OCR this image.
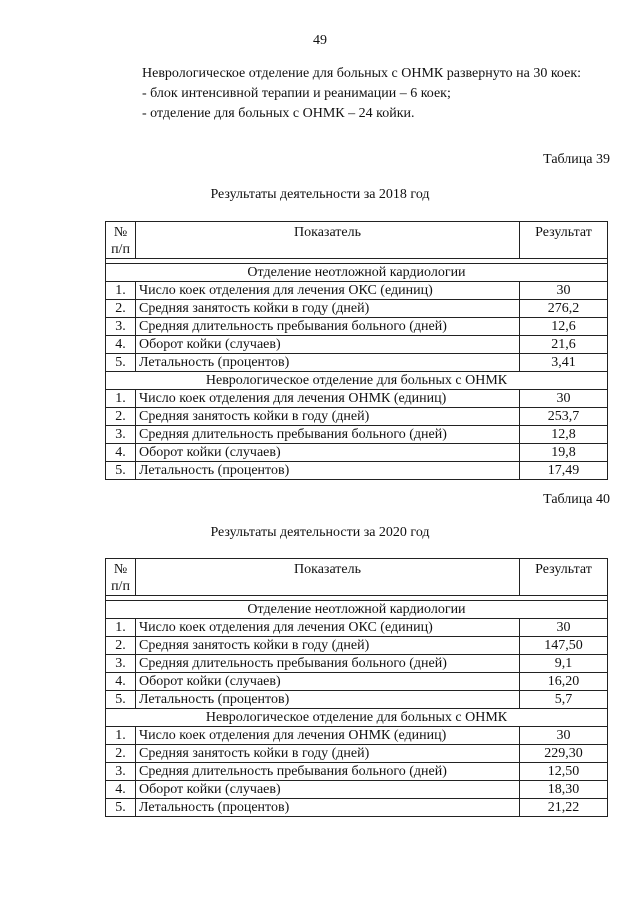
49

Неврологическое отделение для больных с ОНМК развернуто на 30 коек:

- блок интенсивной терапии и реанимации – 6 коек;

- отделение для больных с ОНМК – 24 койки.

Таблица 39
Результаты деятельности за 2018 год
№ п/п	Показатель	Результат

Отделение неотложной кардиологии		
1.	Число коек отделения для лечения ОКС (единиц)	30
2.	Средняя занятость койки в году (дней)	276,2
3.	Средняя длительность пребывания больного (дней)	12,6
4.	Оборот койки (случаев)	21,6
5.	Летальность (процентов)	3,41
Неврологическое отделение для больных с ОНМК		
1.	Число коек отделения для лечения ОНМК (единиц)	30
2.	Средняя занятость койки в году (дней)	253,7
3.	Средняя длительность пребывания больного (дней)	12,8
4.	Оборот койки (случаев)	19,8
5.	Летальность (процентов)	17,49
Таблица 40
Результаты деятельности за 2020 год
№ п/п	Показатель	Результат

Отделение неотложной кардиологии		
1.	Число коек отделения для лечения ОКС (единиц)	30
2.	Средняя занятость койки в году (дней)	147,50
3.	Средняя длительность пребывания больного (дней)	9,1
4.	Оборот койки (случаев)	16,20
5.	Летальность (процентов)	5,7
Неврологическое отделение для больных с ОНМК		
1.	Число коек отделения для лечения ОНМК (единиц)	30
2.	Средняя занятость койки в году (дней)	229,30
3.	Средняя длительность пребывания больного (дней)	12,50
4.	Оборот койки (случаев)	18,30
5.	Летальность (процентов)	21,22
